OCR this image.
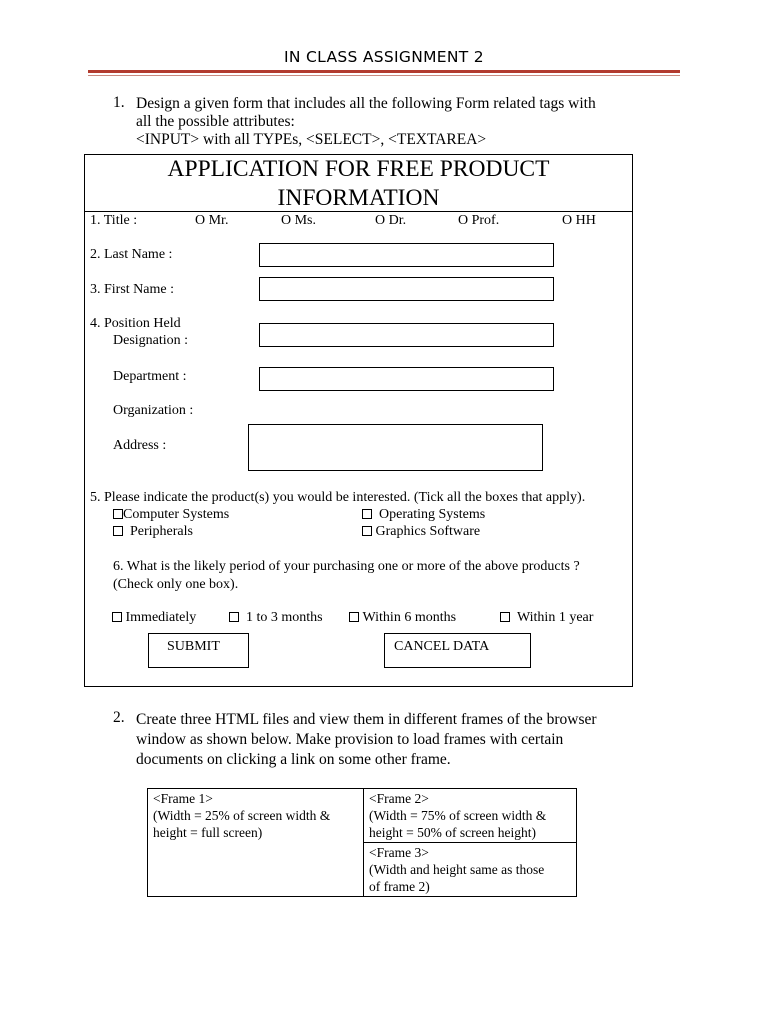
IN CLASS ASSIGNMENT 2
1. Design a given form that includes all the following Form related tags with
all the possible attributes:
<INPUT> with all TYPEs, <SELECT>, <TEXTAREA>
APPLICATION FOR FREE PRODUCT
INFORMATION
1. Title :	O Mr.	O Ms.	O Dr.	O Prof.	O HH
2. Last Name :
3. First Name :
4. Position Held
Designation :
Department :
Organization :
Address :
5. Please indicate the product(s) you would be interested. (Tick all the boxes that apply).
Computer Systems	Operating Systems
Peripherals	Graphics Software
6. What is the likely period of your purchasing one or more of the above products ?
(Check only one box).
Immediately	1 to 3 months	Within 6 months	Within 1 year
SUBMIT	CANCEL DATA
2. Create three HTML files and view them in different frames of the browser
window as shown below. Make provision to load frames with certain
documents on clicking a link on some other frame.
<Frame 1>
(Width = 25% of screen width &
height = full screen)

<Frame 2>
(Width = 75% of screen width &
height = 50% of screen height)

<Frame 3>
(Width and height same as those
of frame 2)
